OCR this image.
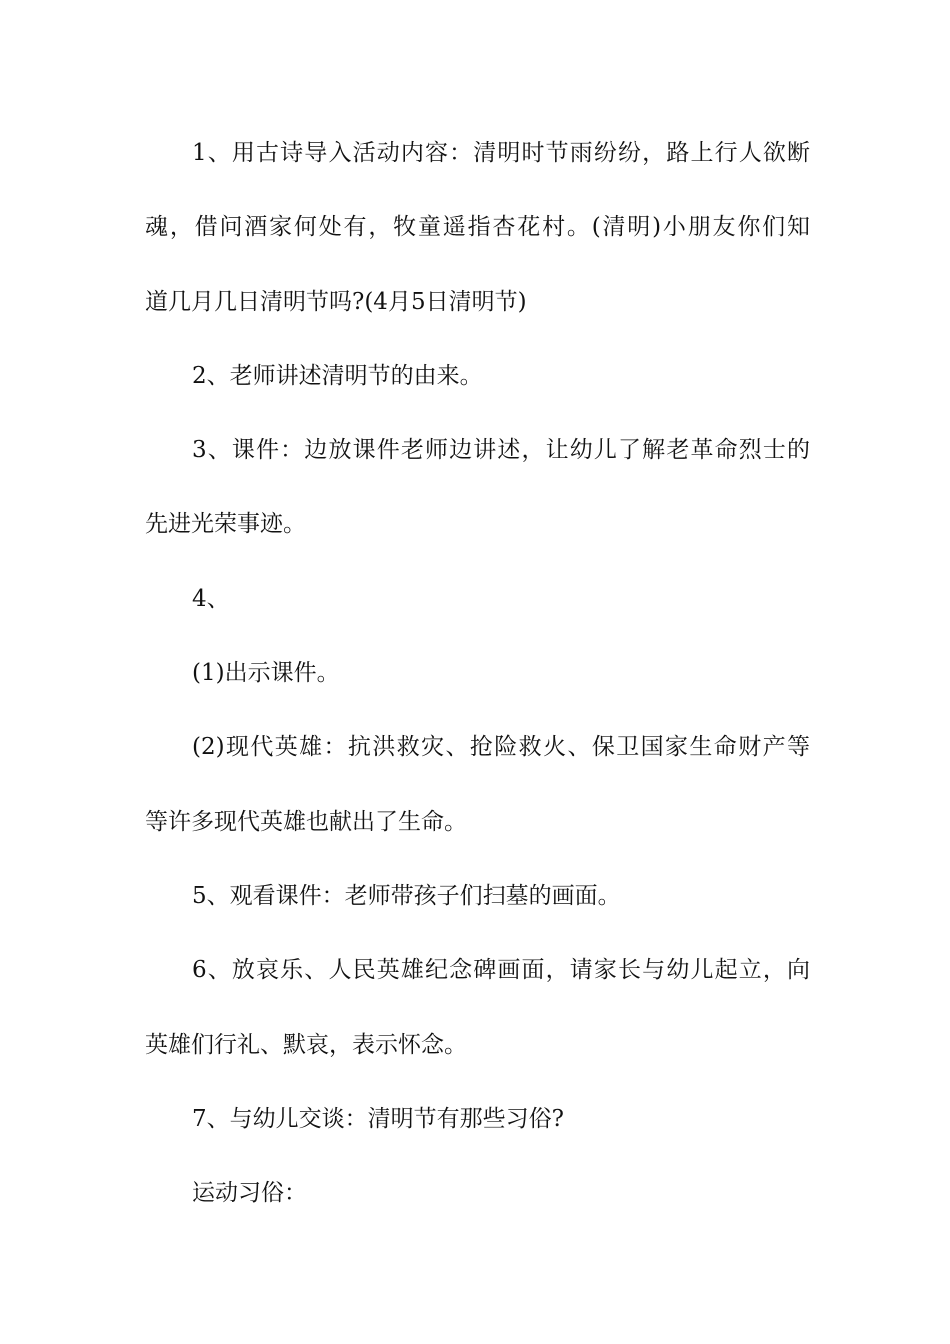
1、用古诗导入活动内容：清明时节雨纷纷，路上行人欲断
魂，借问酒家何处有，牧童遥指杏花村。(清明)小朋友你们知
道几月几日清明节吗?(4月5日清明节)
2、老师讲述清明节的由来。
3、课件：边放课件老师边讲述，让幼儿了解老革命烈士的
先进光荣事迹。
4、
(1)出示课件。
(2)现代英雄：抗洪救灾、抢险救火、保卫国家生命财产等
等许多现代英雄也献出了生命。
5、观看课件：老师带孩子们扫墓的画面。
6、放哀乐、人民英雄纪念碑画面，请家长与幼儿起立，向
英雄们行礼、默哀，表示怀念。
7、与幼儿交谈：清明节有那些习俗?
运动习俗：
